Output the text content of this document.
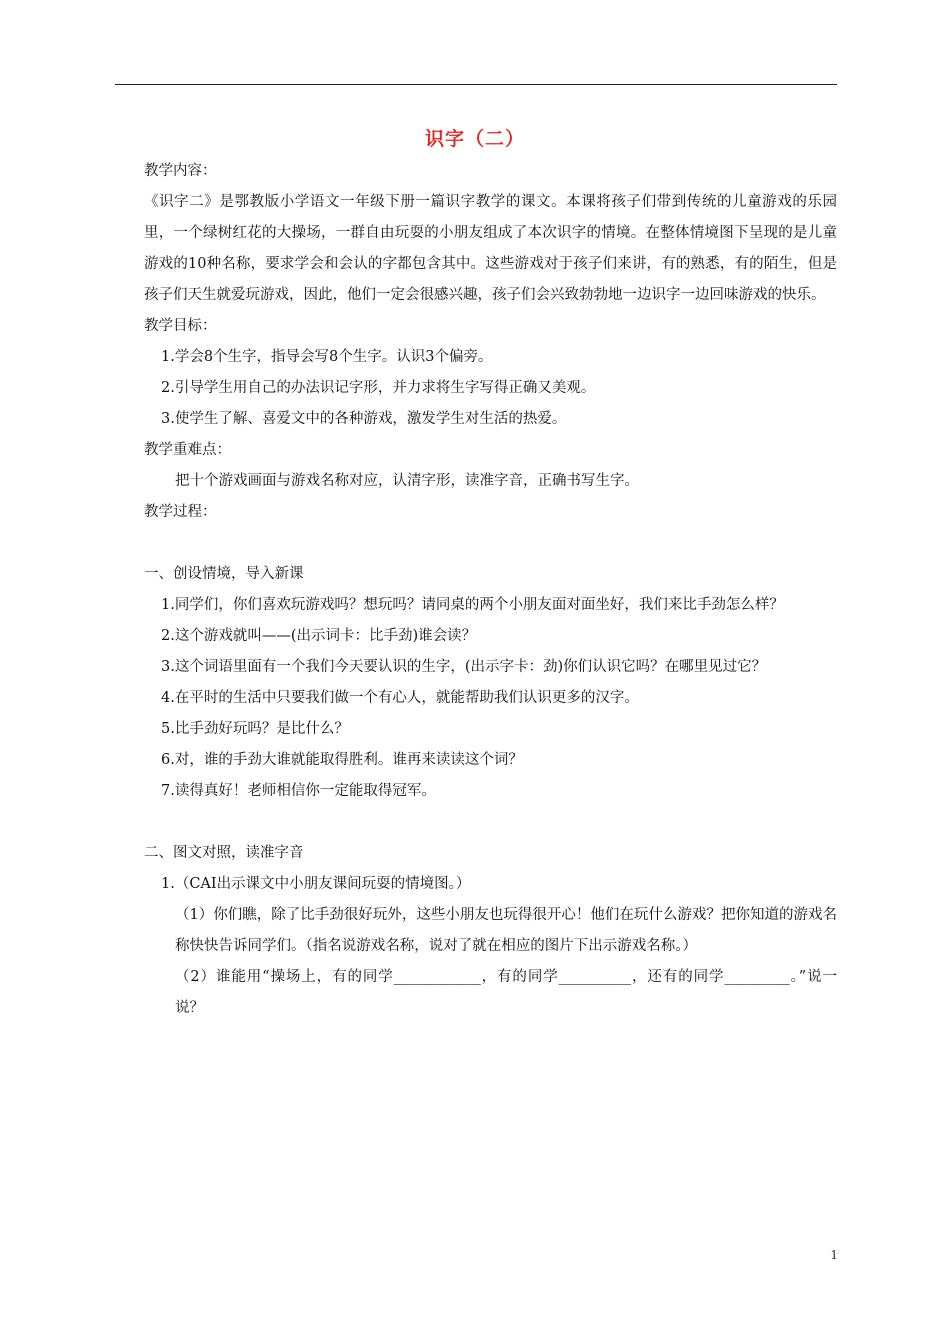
识字（二）

教学内容：

《识字二》是鄂教版小学语文一年级下册一篇识字教学的课文。本课将孩子们带到传统的儿童游戏的乐园里，一个绿树红花的大操场，一群自由玩耍的小朋友组成了本次识字的情境。在整体情境图下呈现的是儿童游戏的10种名称，要求学会和会认的字都包含其中。这些游戏对于孩子们来讲，有的熟悉，有的陌生，但是孩子们天生就爱玩游戏，因此，他们一定会很感兴趣，孩子们会兴致勃勃地一边识字一边回味游戏的快乐。

教学目标：

1.学会8个生字，指导会写8个生字。认识3个偏旁。

2.引导学生用自己的办法识记字形，并力求将生字写得正确又美观。

3.使学生了解、喜爱文中的各种游戏，激发学生对生活的热爱。

教学重难点：

把十个游戏画面与游戏名称对应，认清字形，读准字音，正确书写生字。

教学过程：

一、创设情境，导入新课

1.同学们，你们喜欢玩游戏吗？想玩吗？请同桌的两个小朋友面对面坐好，我们来比手劲怎么样？

2.这个游戏就叫——(出示词卡：比手劲)谁会读？

3.这个词语里面有一个我们今天要认识的生字，(出示字卡：劲)你们认识它吗？在哪里见过它？

4.在平时的生活中只要我们做一个有心人，就能帮助我们认识更多的汉字。

5.比手劲好玩吗？是比什么？

6.对，谁的手劲大谁就能取得胜利。谁再来读读这个词？

7.读得真好！老师相信你一定能取得冠军。

二、图文对照，读准字音

1.（CAI出示课文中小朋友课间玩耍的情境图。）

（1）你们瞧，除了比手劲很好玩外，这些小朋友也玩得很开心！他们在玩什么游戏？把你知道的游戏名称快快告诉同学们。（指名说游戏名称，说对了就在相应的图片下出示游戏名称。）

（2）谁能用“操场上，有的同学____________，有的同学__________，还有的同学_________。”说一说？

1
